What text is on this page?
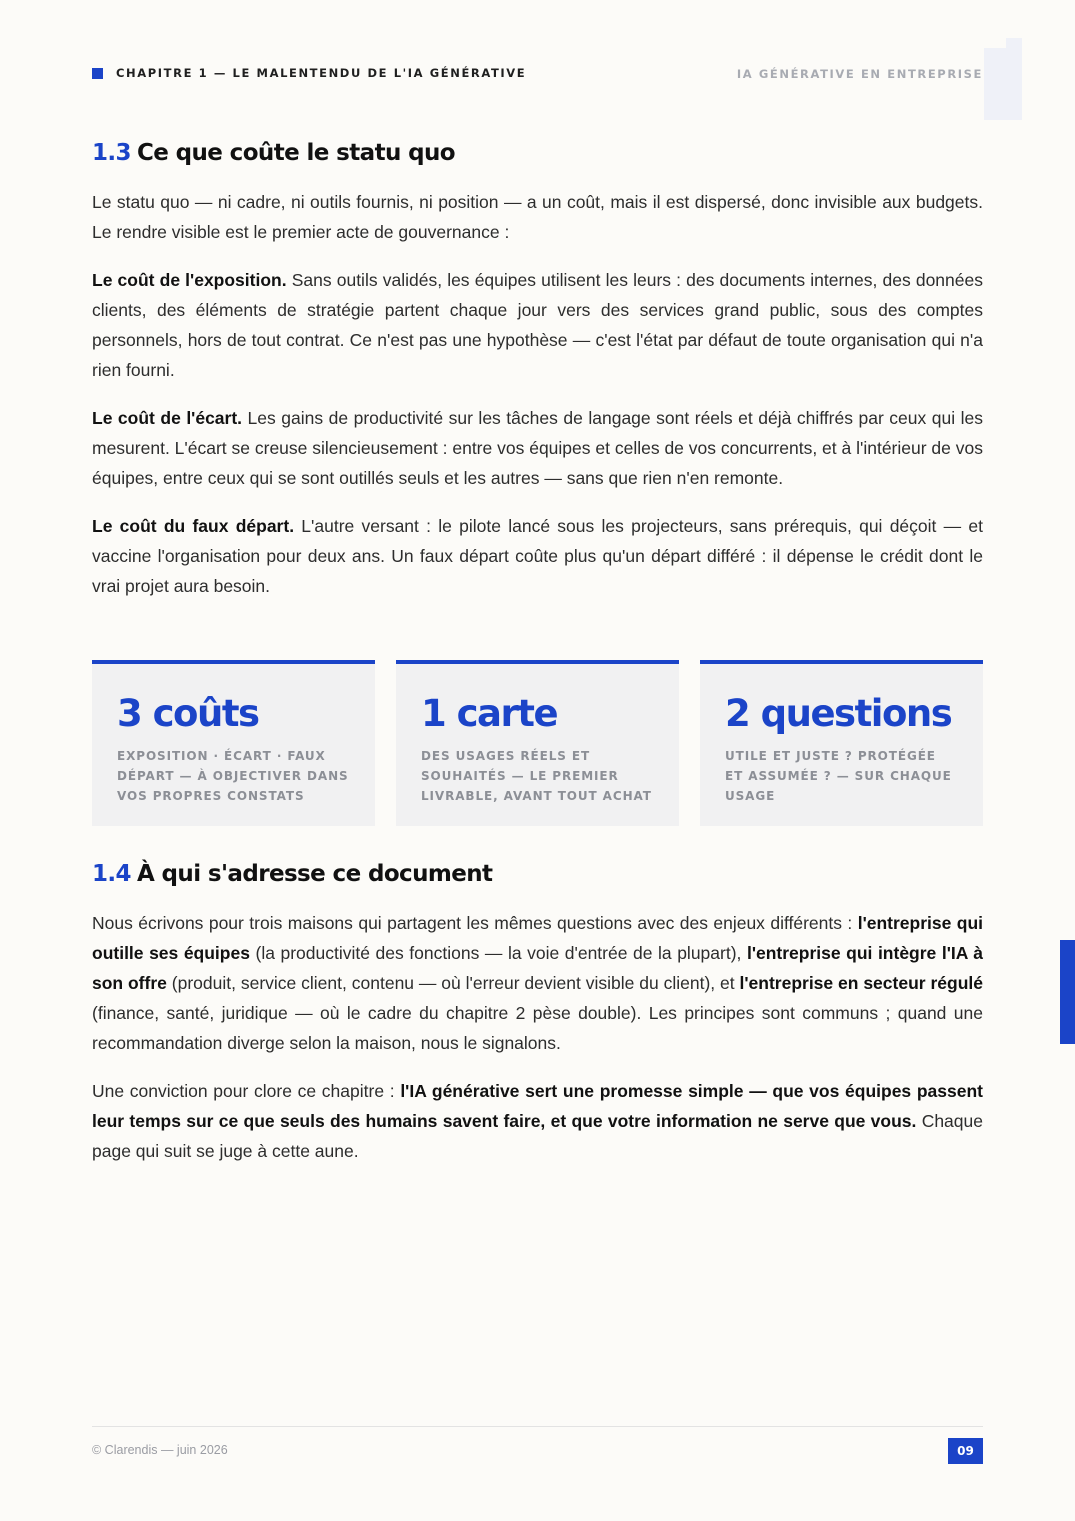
CHAPITRE 1 — LE MALENTENDU DE L'IA GÉNÉRATIVE	IA GÉNÉRATIVE EN ENTREPRISE
1.3 Ce que coûte le statu quo

Le statu quo — ni cadre, ni outils fournis, ni position — a un coût, mais il est dispersé, donc invisible aux budgets. Le rendre visible est le premier acte de gouvernance :

Le coût de l'exposition. Sans outils validés, les équipes utilisent les leurs : des documents internes, des données clients, des éléments de stratégie partent chaque jour vers des services grand public, sous des comptes personnels, hors de tout contrat. Ce n'est pas une hypothèse — c'est l'état par défaut de toute organisation qui n'a rien fourni.

Le coût de l'écart. Les gains de productivité sur les tâches de langage sont réels et déjà chiffrés par ceux qui les mesurent. L'écart se creuse silencieusement : entre vos équipes et celles de vos concurrents, et à l'intérieur de vos équipes, entre ceux qui se sont outillés seuls et les autres — sans que rien n'en remonte.

Le coût du faux départ. L'autre versant : le pilote lancé sous les projecteurs, sans prérequis, qui déçoit — et vaccine l'organisation pour deux ans. Un faux départ coûte plus qu'un départ différé : il dépense le crédit dont le vrai projet aura besoin.

3 coûts
EXPOSITION · ÉCART · FAUX DÉPART — À OBJECTIVER DANS VOS PROPRES CONSTATS
1 carte
DES USAGES RÉELS ET SOUHAITÉS — LE PREMIER LIVRABLE, AVANT TOUT ACHAT
2 questions
UTILE ET JUSTE ? PROTÉGÉE ET ASSUMÉE ? — SUR CHAQUE USAGE
1.4 À qui s'adresse ce document

Nous écrivons pour trois maisons qui partagent les mêmes questions avec des enjeux différents : l'entreprise qui outille ses équipes (la productivité des fonctions — la voie d'entrée de la plupart), l'entreprise qui intègre l'IA à son offre (produit, service client, contenu — où l'erreur devient visible du client), et l'entreprise en secteur régulé (finance, santé, juridique — où le cadre du chapitre 2 pèse double). Les principes sont communs ; quand une recommandation diverge selon la maison, nous le signalons.

Une conviction pour clore ce chapitre : l'IA générative sert une promesse simple — que vos équipes passent leur temps sur ce que seuls des humains savent faire, et que votre information ne serve que vous. Chaque page qui suit se juge à cette aune.

© Clarendis — juin 2026	09
